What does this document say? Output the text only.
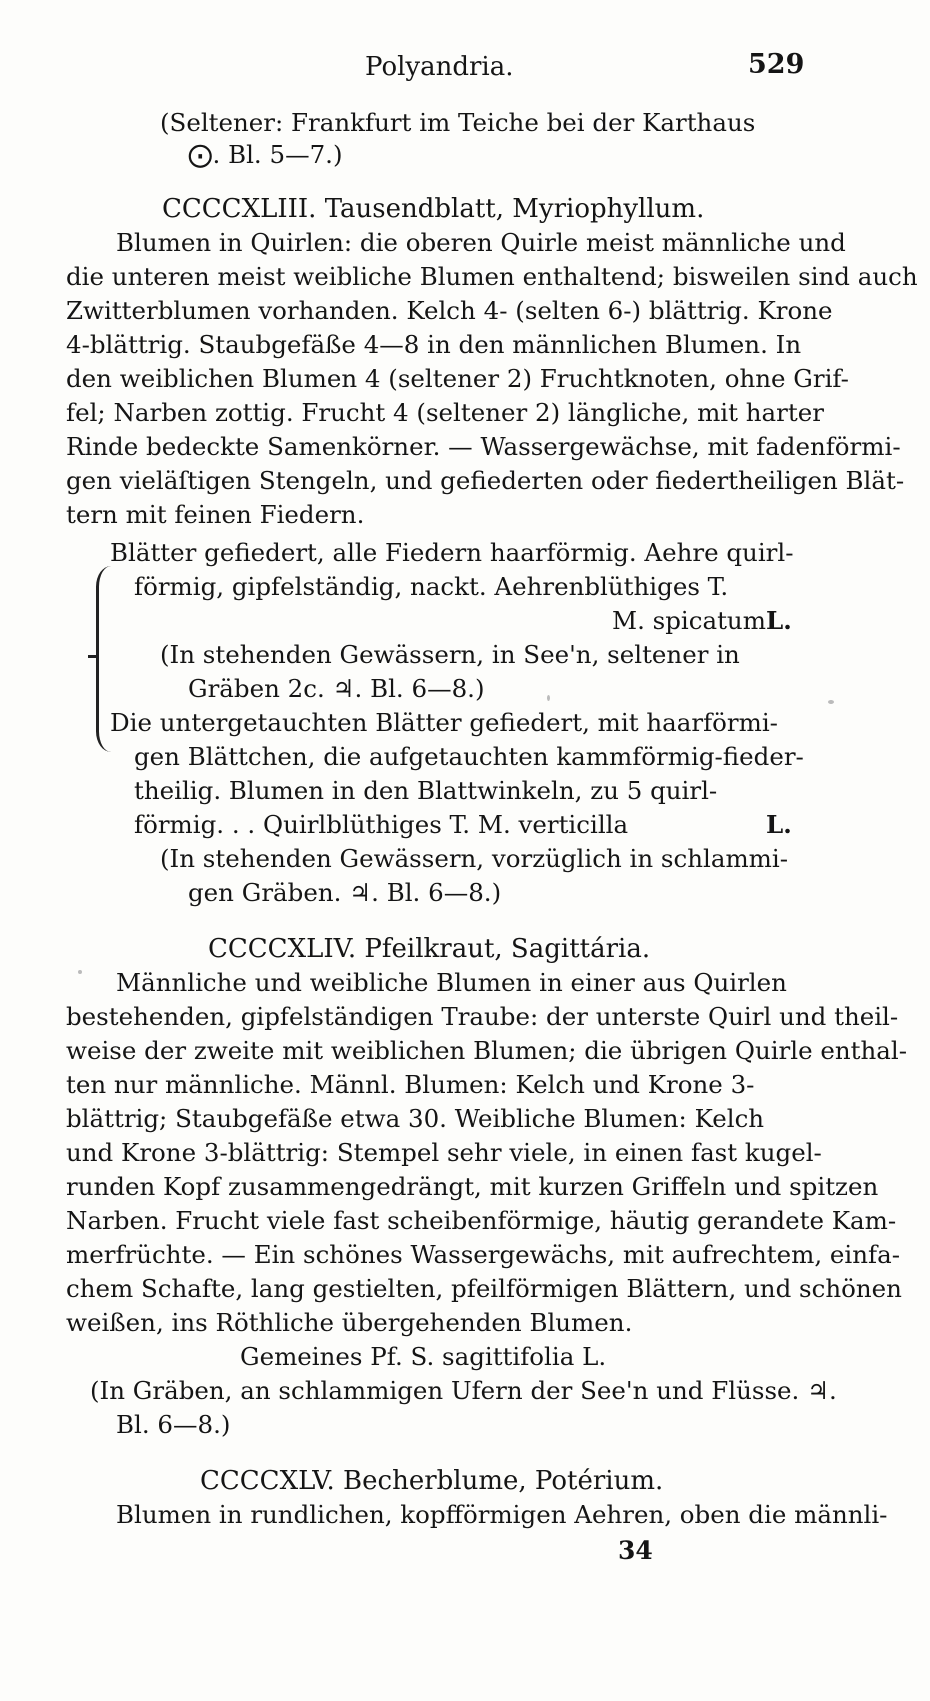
Polyandria.	529
(Seltener: Frankfurt im Teiche bei der Karthaus
⨀. Bl. 5—7.)
CCCCXLIII. Tausendblatt, Myriophyllum.
Blumen in Quirlen: die oberen Quirle meist männliche und
die unteren meist weibliche Blumen enthaltend; bisweilen sind auch
Zwitterblumen vorhanden. Kelch 4- (selten 6-) blättrig. Krone
4-blättrig. Staubgefäße 4—8 in den männlichen Blumen. In
den weiblichen Blumen 4 (seltener 2) Fruchtknoten, ohne Grif-
fel; Narben zottig. Frucht 4 (seltener 2) längliche, mit harter
Rinde bedeckte Samenkörner. — Wassergewächse, mit fadenförmi-
gen vieläſtigen Stengeln, und gefiederten oder fiedertheiligen Blät-
tern mit feinen Fiedern.
Blätter gefiedert, alle Fiedern haarförmig. Aehre quirl-
förmig, gipfelständig, nackt. Aehrenblüthiges T.
M. spicatum L.
(In stehenden Gewässern, in See'n, seltener in
Gräben 2c. ♃. Bl. 6—8.)
Die untergetauchten Blätter gefiedert, mit haarförmi-
gen Blättchen, die aufgetauchten kammförmig-fieder-
theilig. Blumen in den Blattwinkeln, zu 5 quirl-
förmig. . . Quirlblüthiges T. M. verticilla	L.
(In stehenden Gewässern, vorzüglich in schlammi-
gen Gräben. ♃. Bl. 6—8.)
CCCCXLIV. Pfeilkraut, Sagittária.
Männliche und weibliche Blumen in einer aus Quirlen
bestehenden, gipfelständigen Traube: der unterste Quirl und theil-
weise der zweite mit weiblichen Blumen; die übrigen Quirle enthal-
ten nur männliche. Männl. Blumen: Kelch und Krone 3-
blättrig; Staubgefäße etwa 30. Weibliche Blumen: Kelch
und Krone 3-blättrig: Stempel sehr viele, in einen fast kugel-
runden Kopf zusammengedrängt, mit kurzen Griffeln und spitzen
Narben. Frucht viele fast scheibenförmige, häutig gerandete Kam-
merfrüchte. — Ein schönes Wassergewächs, mit aufrechtem, einfa-
chem Schafte, lang gestielten, pfeilförmigen Blättern, und schönen
weißen, ins Röthliche übergehenden Blumen.
Gemeines Pf. S. sagittifolia L.
(In Gräben, an schlammigen Ufern der See'n und Flüsse. ♃.
Bl. 6—8.)
CCCCXLV. Becherblume, Potérium.
Blumen in rundlichen, kopfförmigen Aehren, oben die männli-
34
